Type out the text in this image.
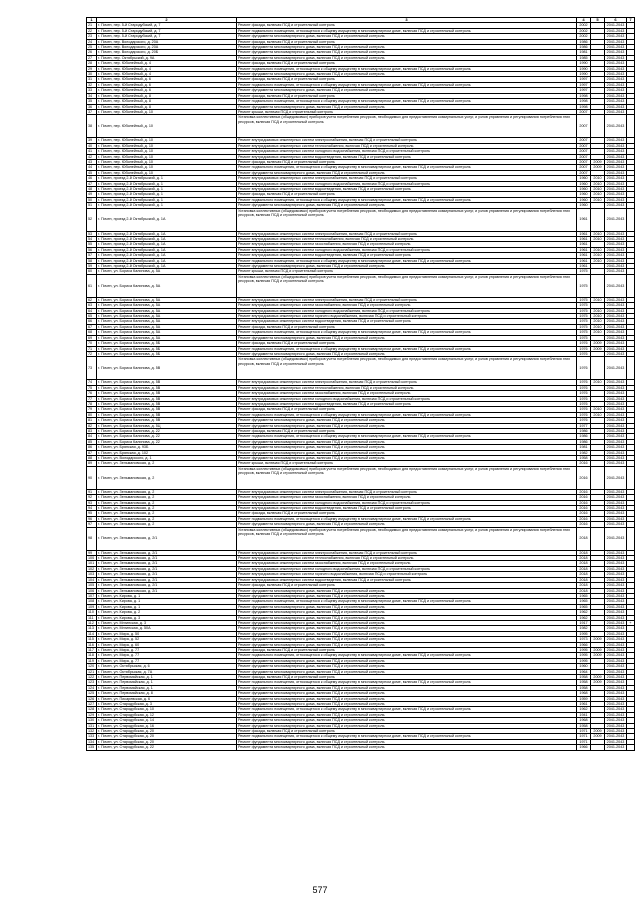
1	2	3	4	5	6	7
21	г. Почеп, пер. 5-й Стародубский, д. 7	Ремонт фасада, включая ПСД и строительный контроль	2002		2041-2043	
22	г. Почеп, пер. 5-й Стародубский, д. 7	Ремонт подвального помещения, относящегося к общему имуществу в многоквартирном доме, включая ПСД и строительный контроль	2002		2041-2043	
23	г. Почеп, пер. 5-й Стародубский, д. 7	Ремонт фундамента многоквартирного дома, включая ПСД и строительный контроль	2002		2041-2043	
24	г. Почеп, пер. Володарского, д. 20А	Ремонт фасада, включая ПСД и строительный контроль	1986		2041-2043	
25	г. Почеп, пер. Володарского, д. 20А	Ремонт фундамента многоквартирного дома, включая ПСД и строительный контроль	1986		2041-2043	
26	г. Почеп, пер. Володарского, д. 20Б	Ремонт фундамента многоквартирного дома, включая ПСД и строительный контроль	1981		2041-2043	
27	г. Почеп, пер. Октябрьский, д. 9А	Ремонт фундамента многоквартирного дома, включая ПСД и строительный контроль	1985		2041-2043	
28	г. Почеп, пер. Юбилейный, д. 4	Ремонт фасада, включая ПСД и строительный контроль	1990		2041-2043	
29	г. Почеп, пер. Юбилейный, д. 4	Ремонт подвального помещения, относящегося к общему имуществу в многоквартирном доме, включая ПСД и строительный контроль	1990		2041-2043	
30	г. Почеп, пер. Юбилейный, д. 4	Ремонт фундамента многоквартирного дома, включая ПСД и строительный контроль	1990		2041-2043	
31	г. Почеп, пер. Юбилейный, д. 6	Ремонт фасада, включая ПСД и строительный контроль	1997		2041-2043	
32	г. Почеп, пер. Юбилейный, д. 6	Ремонт подвального помещения, относящегося к общему имуществу в многоквартирном доме, включая ПСД и строительный контроль	1997		2041-2043	
33	г. Почеп, пер. Юбилейный, д. 6	Ремонт фундамента многоквартирного дома, включая ПСД и строительный контроль	1997		2041-2043	
34	г. Почеп, пер. Юбилейный, д. 8	Ремонт фасада, включая ПСД и строительный контроль	1998		2041-2043	
35	г. Почеп, пер. Юбилейный, д. 8	Ремонт подвального помещения, относящегося к общему имуществу в многоквартирном доме, включая ПСД и строительный контроль	1998		2041-2043	
36	г. Почеп, пер. Юбилейный, д. 8	Ремонт фундамента многоквартирного дома, включая ПСД и строительный контроль	1998		2041-2043	
37	г. Почеп, пер. Юбилейный, д. 10	Ремонт крыши, включая ПСД и строительный контроль	2007		2041-2043	
38	г. Почеп, пер. Юбилейный, д. 10	Установка коллективных (общедомовых) приборов учета потребления ресурсов, необходимых для предоставления коммунальных услуг, и узлов управления и регулирования потребления этих ресурсов, включая ПСД и строительный контроль	2007		2041-2043	
39	г. Почеп, пер. Юбилейный, д. 10	Ремонт внутридомовых инженерных систем электроснабжения, включая ПСД и строительный контроль	2007		2041-2043	
40	г. Почеп, пер. Юбилейный, д. 10	Ремонт внутридомовых инженерных систем теплоснабжения, включая ПСД и строительный контроль	2007		2041-2043	
41	г. Почеп, пер. Юбилейный, д. 10	Ремонт внутридомовых инженерных систем холодного водоснабжения, включая ПСД и строительный контроль	2007		2041-2043	
42	г. Почеп, пер. Юбилейный, д. 10	Ремонт внутридомовых инженерных систем водоотведения, включая ПСД и строительный контроль	2007		2041-2043	
43	г. Почеп, пер. Юбилейный, д. 10	Ремонт фасада, включая ПСД и строительный контроль	2007	2009	2041-2043	
44	г. Почеп, пер. Юбилейный, д. 10	Ремонт подвального помещения, относящегося к общему имуществу в многоквартирном доме, включая ПСД и строительный контроль	2007	2009	2041-2043	
45	г. Почеп, пер. Юбилейный, д. 10	Ремонт фундамента многоквартирного дома, включая ПСД и строительный контроль	2007		2041-2043	
46	г. Почеп, проезд 2-й Октябрьский, д. 1	Ремонт внутридомовых инженерных систем электроснабжения, включая ПСД и строительный контроль	1960	2010	2041-2043	
47	г. Почеп, проезд 2-й Октябрьский, д. 1	Ремонт внутридомовых инженерных систем холодного водоснабжения, включая ПСД и строительный контроль	1960	2010	2041-2043	
48	г. Почеп, проезд 2-й Октябрьский, д. 1	Ремонт внутридомовых инженерных систем водоотведения, включая ПСД и строительный контроль	1960	2010	2041-2043	
49	г. Почеп, проезд 2-й Октябрьский, д. 1	Ремонт фасада, включая ПСД и строительный контроль	1960	2010	2041-2043	
50	г. Почеп, проезд 2-й Октябрьский, д. 1	Ремонт подвального помещения, относящегося к общему имуществу в многоквартирном доме, включая ПСД и строительный контроль	1960	2010	2041-2043	
51	г. Почеп, проезд 2-й Октябрьский, д. 1	Ремонт фундамента многоквартирного дома, включая ПСД и строительный контроль	1960		2041-2043	
52	г. Почеп, проезд 2-й Октябрьский, д. 1А	Установка коллективных (общедомовых) приборов учета потребления ресурсов, необходимых для предоставления коммунальных услуг, и узлов управления и регулирования потребления этих ресурсов, включая ПСД и строительный контроль	1961		2041-2043	
53	г. Почеп, проезд 2-й Октябрьский, д. 1А	Ремонт внутридомовых инженерных систем электроснабжения, включая ПСД и строительный контроль	1961	2010	2041-2043	
54	г. Почеп, проезд 2-й Октябрьский, д. 1А	Ремонт внутридомовых инженерных систем теплоснабжения, включая ПСД и строительный контроль	1961	2010	2041-2043	
55	г. Почеп, проезд 2-й Октябрьский, д. 1А	Ремонт внутридомовых инженерных систем газоснабжения, включая ПСД и строительный контроль	1961		2041-2043	
56	г. Почеп, проезд 2-й Октябрьский, д. 1А	Ремонт внутридомовых инженерных систем холодного водоснабжения, включая ПСД и строительный контроль	1961	2010	2041-2043	
57	г. Почеп, проезд 2-й Октябрьский, д. 1А	Ремонт внутридомовых инженерных систем водоотведения, включая ПСД и строительный контроль	1961	2010	2041-2043	
58	г. Почеп, проезд 2-й Октябрьский, д. 1А	Ремонт подвального помещения, относящегося к общему имуществу в многоквартирном доме, включая ПСД и строительный контроль	1961	2010	2041-2043	
59	г. Почеп, проезд 2-й Октябрьский, д. 1А	Ремонт фундамента многоквартирного дома, включая ПСД и строительный контроль	1961		2041-2043	
60	г. Почеп, ул. Бориса Калинова, д. 5А	Ремонт крыши, включая ПСД и строительный контроль	1975		2041-2043	
61	г. Почеп, ул. Бориса Калинова, д. 5А	Установка коллективных (общедомовых) приборов учета потребления ресурсов, необходимых для предоставления коммунальных услуг, и узлов управления и регулирования потребления этих ресурсов, включая ПСД и строительный контроль	1975		2041-2043	
62	г. Почеп, ул. Бориса Калинова, д. 5А	Ремонт внутридомовых инженерных систем электроснабжения, включая ПСД и строительный контроль	1975	2010	2041-2043	
63	г. Почеп, ул. Бориса Калинова, д. 5А	Ремонт внутридомовых инженерных систем газоснабжения, включая ПСД и строительный контроль	1975		2041-2043	
64	г. Почеп, ул. Бориса Калинова, д. 5А	Ремонт внутридомовых инженерных систем холодного водоснабжения, включая ПСД и строительный контроль	1975	2010	2041-2043	
65	г. Почеп, ул. Бориса Калинова, д. 5А	Ремонт внутридомовых инженерных систем горячего водоснабжения, включая ПСД и строительный контроль	1975	2010	2041-2043	
66	г. Почеп, ул. Бориса Калинова, д. 5А	Ремонт внутридомовых инженерных систем водоотведения, включая ПСД и строительный контроль	1975	2010	2041-2043	
67	г. Почеп, ул. Бориса Калинова, д. 5А	Ремонт фасада, включая ПСД и строительный контроль	1975	2010	2041-2043	
68	г. Почеп, ул. Бориса Калинова, д. 5А	Ремонт подвального помещения, относящегося к общему имуществу в многоквартирном доме, включая ПСД и строительный контроль	1975	2010	2041-2043	
69	г. Почеп, ул. Бориса Калинова, д. 5А	Ремонт фундамента многоквартирного дома, включая ПСД и строительный контроль	1975		2041-2043	
70	г. Почеп, ул. Бориса Калинова, д. 5Б	Ремонт фасада, включая ПСД и строительный контроль	1976	2009	2041-2043	
71	г. Почеп, ул. Бориса Калинова, д. 5Б	Ремонт подвального помещения, относящегося к общему имуществу в многоквартирном доме, включая ПСД и строительный контроль	1976	2009	2041-2043	
72	г. Почеп, ул. Бориса Калинова, д. 5Б	Ремонт фундамента многоквартирного дома, включая ПСД и строительный контроль	1976		2041-2043	
73	г. Почеп, ул. Бориса Калинова, д. 5В	Установка коллективных (общедомовых) приборов учета потребления ресурсов, необходимых для предоставления коммунальных услуг, и узлов управления и регулирования потребления этих ресурсов, включая ПСД и строительный контроль	1976		2041-2043	
74	г. Почеп, ул. Бориса Калинова, д. 5В	Ремонт внутридомовых инженерных систем электроснабжения, включая ПСД и строительный контроль	1976	2010	2041-2043	
75	г. Почеп, ул. Бориса Калинова, д. 5В	Ремонт внутридомовых инженерных систем теплоснабжения, включая ПСД и строительный контроль	1976		2041-2043	
76	г. Почеп, ул. Бориса Калинова, д. 5В	Ремонт внутридомовых инженерных систем газоснабжения, включая ПСД и строительный контроль	1976		2041-2043	
77	г. Почеп, ул. Бориса Калинова, д. 5В	Ремонт внутридомовых инженерных систем холодного водоснабжения, включая ПСД и строительный контроль	1976		2041-2043	
78	г. Почеп, ул. Бориса Калинова, д. 5В	Ремонт внутридомовых инженерных систем водоотведения, включая ПСД и строительный контроль	1976		2041-2043	
79	г. Почеп, ул. Бориса Калинова, д. 5В	Ремонт фасада, включая ПСД и строительный контроль	1976	2010	2041-2043	
80	г. Почеп, ул. Бориса Калинова, д. 5В	Ремонт подвального помещения, относящегося к общему имуществу в многоквартирном доме, включая ПСД и строительный контроль	1976	2010	2041-2043	
81	г. Почеп, ул. Бориса Калинова, д. 5В	Ремонт фундамента многоквартирного дома, включая ПСД и строительный контроль	1976		2041-2043	
82	г. Почеп, ул. Бориса Калинова, д. 5Ц	Ремонт фундамента многоквартирного дома, включая ПСД и строительный контроль	1977		2041-2043	
83	г. Почеп, ул. Бориса Калинова, д. 22	Ремонт фасада, включая ПСД и строительный контроль	1986		2041-2043	
84	г. Почеп, ул. Бориса Калинова, д. 22	Ремонт подвального помещения, относящегося к общему имуществу в многоквартирном доме, включая ПСД и строительный контроль	1986		2041-2043	
85	г. Почеп, ул. Бориса Калинова, д. 22	Ремонт фундамента многоквартирного дома, включая ПСД и строительный контроль	1986		2041-2043	
86	г. Почеп, ул. Брянская, д. 93Б	Ремонт фундамента многоквартирного дома, включая ПСД и строительный контроль	1981		2041-2043	
87	г. Почеп, ул. Брянская, д. 102	Ремонт фундамента многоквартирного дома, включая ПСД и строительный контроль	1982		2041-2043	
88	г. Почеп, ул. Володарского, д. 1	Ремонт фундамента многоквартирного дома, включая ПСД и строительный контроль	1958		2041-2043	
89	г. Почеп, ул. Зельмановская, д. 2	Ремонт крыши, включая ПСД и строительный контроль	2016		2041-2043	
90	г. Почеп, ул. Зельмановская, д. 2	Установка коллективных (общедомовых) приборов учета потребления ресурсов, необходимых для предоставления коммунальных услуг, и узлов управления и регулирования потребления этих ресурсов, включая ПСД и строительный контроль	2016		2041-2043	
91	г. Почеп, ул. Зельмановская, д. 2	Ремонт внутридомовых инженерных систем электроснабжения, включая ПСД и строительный контроль	2016		2041-2043	
92	г. Почеп, ул. Зельмановская, д. 2	Ремонт внутридомовых инженерных систем газоснабжения, включая ПСД и строительный контроль	2016		2041-2043	
93	г. Почеп, ул. Зельмановская, д. 2	Ремонт внутридомовых инженерных систем холодного водоснабжения, включая ПСД и строительный контроль	2016		2041-2043	
94	г. Почеп, ул. Зельмановская, д. 2	Ремонт внутридомовых инженерных систем водоотведения, включая ПСД и строительный контроль	2016		2041-2043	
95	г. Почеп, ул. Зельмановская, д. 2	Ремонт фасада, включая ПСД и строительный контроль	2016		2041-2043	
96	г. Почеп, ул. Зельмановская, д. 2	Ремонт подвального помещения, относящегося к общему имуществу в многоквартирном доме, включая ПСД и строительный контроль	2016		2041-2043	
97	г. Почеп, ул. Зельмановская, д. 2	Ремонт фундамента многоквартирного дома, включая ПСД и строительный контроль	2016		2041-2043	
98	г. Почеп, ул. Зельмановская, д. 2/1	Установка коллективных (общедомовых) приборов учета потребления ресурсов, необходимых для предоставления коммунальных услуг, и узлов управления и регулирования потребления этих ресурсов, включая ПСД и строительный контроль	2018		2041-2043	
99	г. Почеп, ул. Зельмановская, д. 2/1	Ремонт внутридомовых инженерных систем электроснабжения, включая ПСД и строительный контроль	2018		2041-2043	
100	г. Почеп, ул. Зельмановская, д. 2/1	Ремонт внутридомовых инженерных систем теплоснабжения, включая ПСД и строительный контроль	2018		2041-2043	
101	г. Почеп, ул. Зельмановская, д. 2/1	Ремонт внутридомовых инженерных систем газоснабжения, включая ПСД и строительный контроль	2018		2041-2043	
102	г. Почеп, ул. Зельмановская, д. 2/1	Ремонт внутридомовых инженерных систем холодного водоснабжения, включая ПСД и строительный контроль	2018		2041-2043	
103	г. Почеп, ул. Зельмановская, д. 2/1	Ремонт внутридомовых инженерных систем горячего водоснабжения, включая ПСД и строительный контроль	2018		2041-2043	
104	г. Почеп, ул. Зельмановская, д. 2/1	Ремонт внутридомовых инженерных систем водоотведения, включая ПСД и строительный контроль	2018		2041-2043	
105	г. Почеп, ул. Зельмановская, д. 2/1	Ремонт фасада, включая ПСД и строительный контроль	2018		2041-2043	
106	г. Почеп, ул. Зельмановская, д. 2/1	Ремонт фундамента многоквартирного дома, включая ПСД и строительный контроль	2018		2041-2043	
107	г. Почеп, ул. Кирова, д. 1	Ремонт фундамента многоквартирного дома, включая ПСД и строительный контроль	1965		2041-2043	
108	г. Почеп, ул. Кирова, д. 1	Ремонт подвального помещения, относящегося к общему имуществу в многоквартирном доме, включая ПСД и строительный контроль	1965		2041-2043	
109	г. Почеп, ул. Кирова, д. 1	Ремонт фундамента многоквартирного дома, включая ПСД и строительный контроль	1965		2041-2043	
110	г. Почеп, ул. Кирова, д. 2	Ремонт фундамента многоквартирного дома, включая ПСД и строительный контроль	1962		2041-2043	
111	г. Почеп, ул. Кирова, д. 3	Ремонт фундамента многоквартирного дома, включая ПСД и строительный контроль	1962		2041-2043	
112	г. Почеп, ул. Мглинская, д. 3	Ремонт фундамента многоквартирного дома, включая ПСД и строительный контроль	1917		2041-2043	+
113	г. Почеп, ул. Мглинская, д. 50А	Ремонт фундамента многоквартирного дома, включая ПСД и строительный контроль	1982		2041-2043	
114	г. Почеп, ул. Мира, д. 50	Ремонт фундамента многоквартирного дома, включая ПСД и строительный контроль	1995		2041-2043	
115	г. Почеп, ул. Мира, д. 52	Ремонт фундамента многоквартирного дома, включая ПСД и строительный контроль	1973	2009	2041-2043	
116	г. Почеп, ул. Мира, д. 60	Ремонт фундамента многоквартирного дома, включая ПСД и строительный контроль	1966		2041-2043	
117	г. Почеп, ул. Мира, д. 77	Ремонт фасада, включая ПСД и строительный контроль	1995	2009	2041-2043	
118	г. Почеп, ул. Мира, д. 77	Ремонт подвального помещения, относящегося к общему имуществу в многоквартирном доме, включая ПСД и строительный контроль	1995	2009	2041-2043	
119	г. Почеп, ул. Мира, д. 77	Ремонт фундамента многоквартирного дома, включая ПСД и строительный контроль	1995		2041-2043	
120	г. Почеп, ул. Октябрьская, д. 6	Ремонт фундамента многоквартирного дома, включая ПСД и строительный контроль	1960		2041-2043	
121	г. Почеп, ул. Октябрьская, д. 7А	Ремонт фундамента многоквартирного дома, включая ПСД и строительный контроль	1964		2041-2043	
122	г. Почеп, ул. Первомайская, д. 1	Ремонт фасада, включая ПСД и строительный контроль	1958	2009	2041-2043	
123	г. Почеп, ул. Первомайская, д. 1	Ремонт подвального помещения, относящегося к общему имуществу в многоквартирном доме, включая ПСД и строительный контроль	1958	2009	2041-2043	
124	г. Почеп, ул. Первомайская, д. 1	Ремонт фундамента многоквартирного дома, включая ПСД и строительный контроль	1958		2041-2043	
125	г. Почеп, ул. Первомайская, д. 8	Ремонт фундамента многоквартирного дома, включая ПСД и строительный контроль	1968		2041-2043	
126	г. Почеп, ул. Писаревская, д. 6	Ремонт фундамента многоквартирного дома, включая ПСД и строительный контроль	1959		2041-2043	
127	г. Почеп, ул. Стародубская, д. 3	Ремонт фундамента многоквартирного дома, включая ПСД и строительный контроль	1961		2041-2043	
128	г. Почеп, ул. Стародубская, д. 10	Ремонт подвального помещения, относящегося к общему имуществу в многоквартирном доме, включая ПСД и строительный контроль	1962		2041-2043	
129	г. Почеп, ул. Стародубская, д. 12	Ремонт фундамента многоквартирного дома, включая ПСД и строительный контроль	1941		2041-2043	
130	г. Почеп, ул. Стародубская, д. 14	Ремонт фундамента многоквартирного дома, включая ПСД и строительный контроль	1968		2041-2043	
131	г. Почеп, ул. Стародубская, д. 16	Ремонт фундамента многоквартирного дома, включая ПСД и строительный контроль	1958		2041-2043	
132	г. Почеп, ул. Стародубская, д. 20	Ремонт фасада, включая ПСД и строительный контроль	1971	2009	2041-2043	
133	г. Почеп, ул. Стародубская, д. 20	Ремонт подвального помещения, относящегося к общему имуществу в многоквартирном доме, включая ПСД и строительный контроль	1971	2009	2041-2043	
134	г. Почеп, ул. Стародубская, д. 20	Ремонт фундамента многоквартирного дома, включая ПСД и строительный контроль	1971		2041-2043	
135	г. Почеп, ул. Стародубская, д. 22	Ремонт фундамента многоквартирного дома, включая ПСД и строительный контроль	1966		2041-2043	
577
